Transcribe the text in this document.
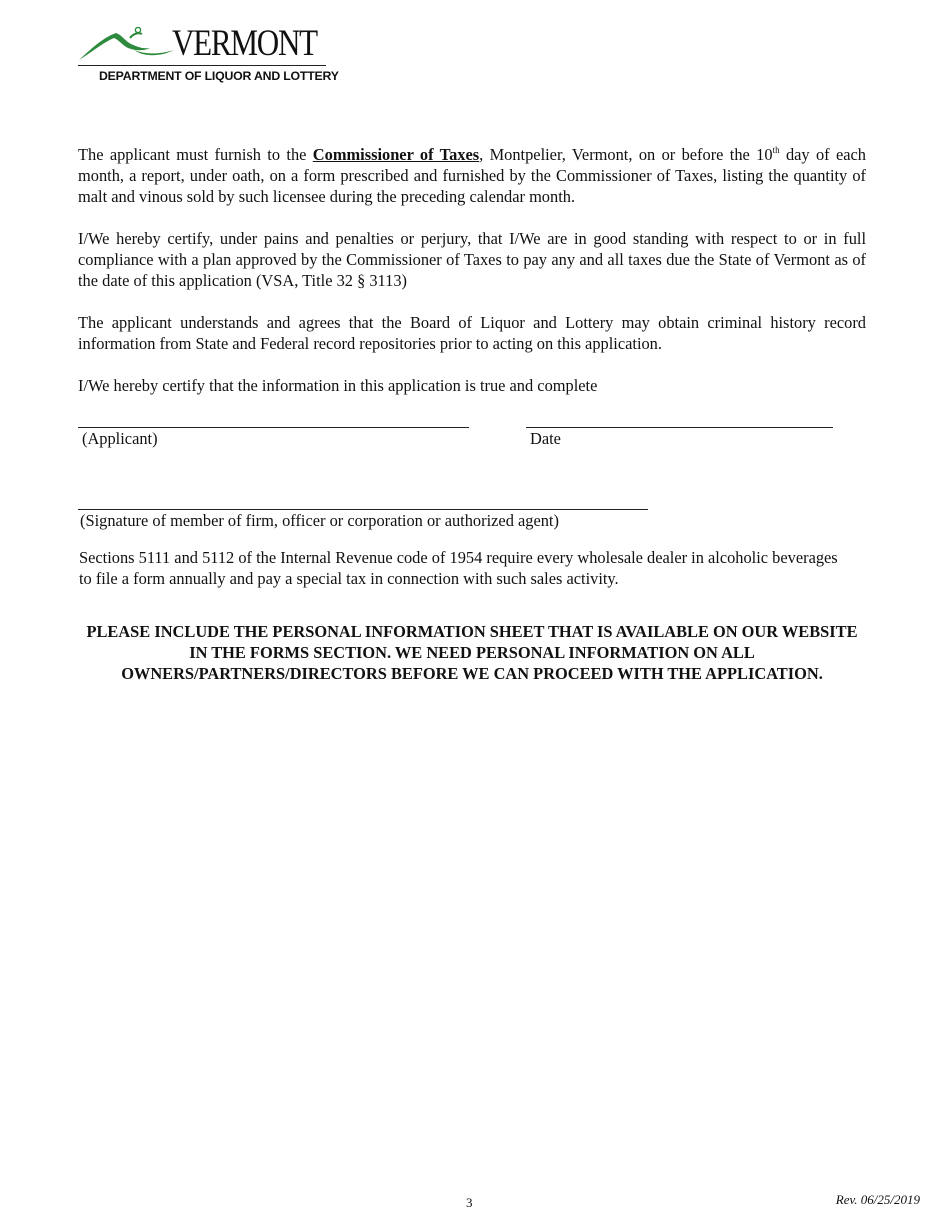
VERMONT
DEPARTMENT OF LIQUOR AND LOTTERY

The applicant must furnish to the Commissioner of Taxes, Montpelier, Vermont, on or before the 10th day of each month, a report, under oath, on a form prescribed and furnished by the Commissioner of Taxes, listing the quantity of malt and vinous sold by such licensee during the preceding calendar month.

I/We hereby certify, under pains and penalties or perjury, that I/We are in good standing with respect to or in full compliance with a plan approved by the Commissioner of Taxes to pay any and all taxes due the State of Vermont as of the date of this application (VSA, Title 32 § 3113)

The applicant understands and agrees that the Board of Liquor and Lottery may obtain criminal history record information from State and Federal record repositories prior to acting on this application.

I/We hereby certify that the information in this application is true and complete

(Applicant)	Date

(Signature of member of firm, officer or corporation or authorized agent)

Sections 5111 and 5112 of the Internal Revenue code of 1954 require every wholesale dealer in alcoholic beverages to file a form annually and pay a special tax in connection with such sales activity.

PLEASE INCLUDE THE PERSONAL INFORMATION SHEET THAT IS AVAILABLE ON OUR WEBSITE IN THE FORMS SECTION. WE NEED PERSONAL INFORMATION ON ALL OWNERS/PARTNERS/DIRECTORS BEFORE WE CAN PROCEED WITH THE APPLICATION.

3	Rev. 06/25/2019
